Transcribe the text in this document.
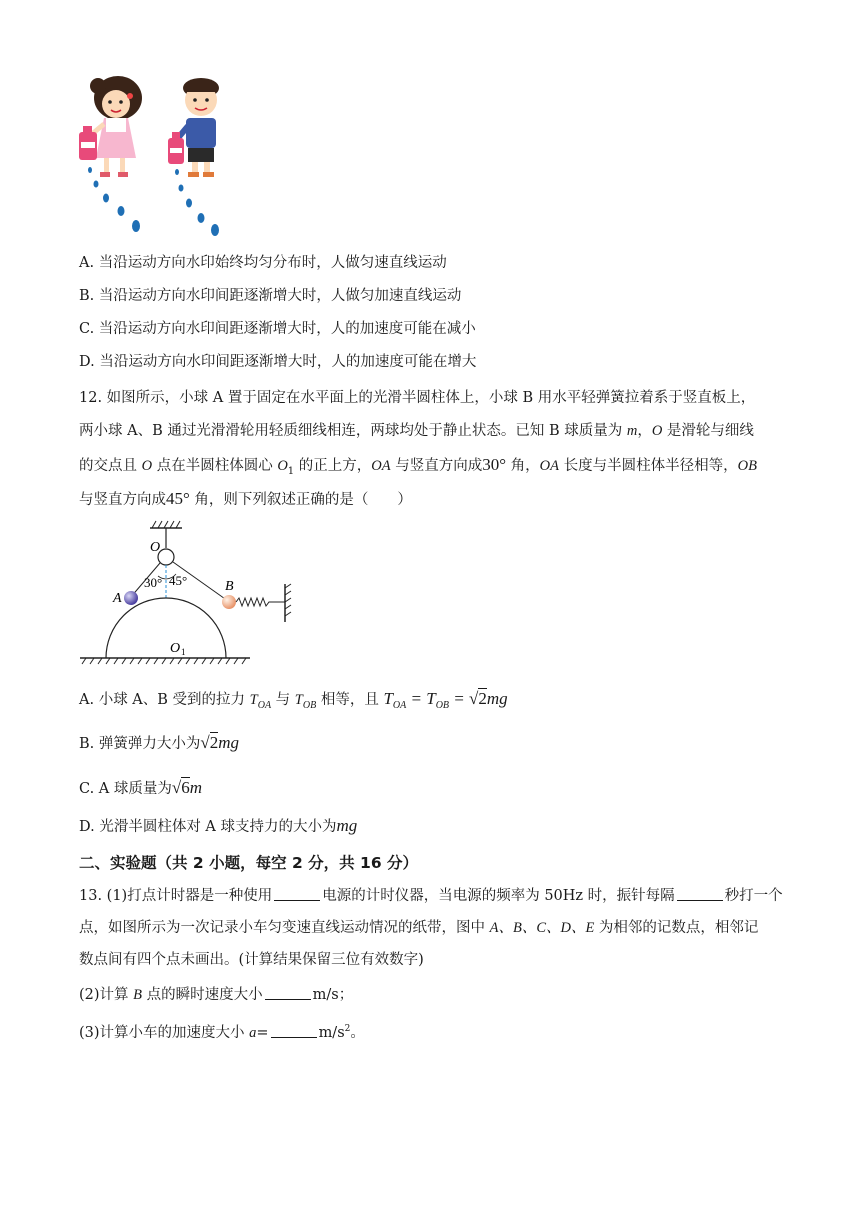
A. 当沿运动方向水印始终均匀分布时，人做匀速直线运动
B. 当沿运动方向水印间距逐渐增大时，人做匀加速直线运动
C. 当沿运动方向水印间距逐渐增大时，人的加速度可能在减小
D. 当沿运动方向水印间距逐渐增大时，人的加速度可能在增大
12. 如图所示，小球 A 置于固定在水平面上的光滑半圆柱体上，小球 B 用水平轻弹簧拉着系于竖直板上，
两小球 A、B 通过光滑滑轮用轻质细线相连，两球均处于静止状态。已知 B 球质量为 m，O 是滑轮与细线
的交点且 O 点在半圆柱体圆心 $O_1$ 的正上方，OA 与竖直方向成30° 角，OA 长度与半圆柱体半径相等，OB
与竖直方向成45° 角，则下列叙述正确的是（　　）
O
A
B
O 1
30° 45°
A. 小球 A、B 受到的拉力 $T_{OA}$ 与 $T_{OB}$ 相等，且 $T_{OA} = T_{OB} = √2mg$
B. 弹簧弹力大小为√2mg
C. A 球质量为√6m
D. 光滑半圆柱体对 A 球支持力的大小为mg
二、实验题（共 2 小题，每空 2 分，共 16 分）
13. (1)打点计时器是一种使用	电源的计时仪器，当电源的频率为 50Hz 时，振针每隔	秒打一个
点，如图所示为一次记录小车匀变速直线运动情况的纸带，图中 A、B、C、D、E 为相邻的记数点，相邻记
数点间有四个点未画出。(计算结果保留三位有效数字)
(2)计算 B 点的瞬时速度大小	m/s；
(3)计算小车的加速度大小 a=	$m/s^2$。
